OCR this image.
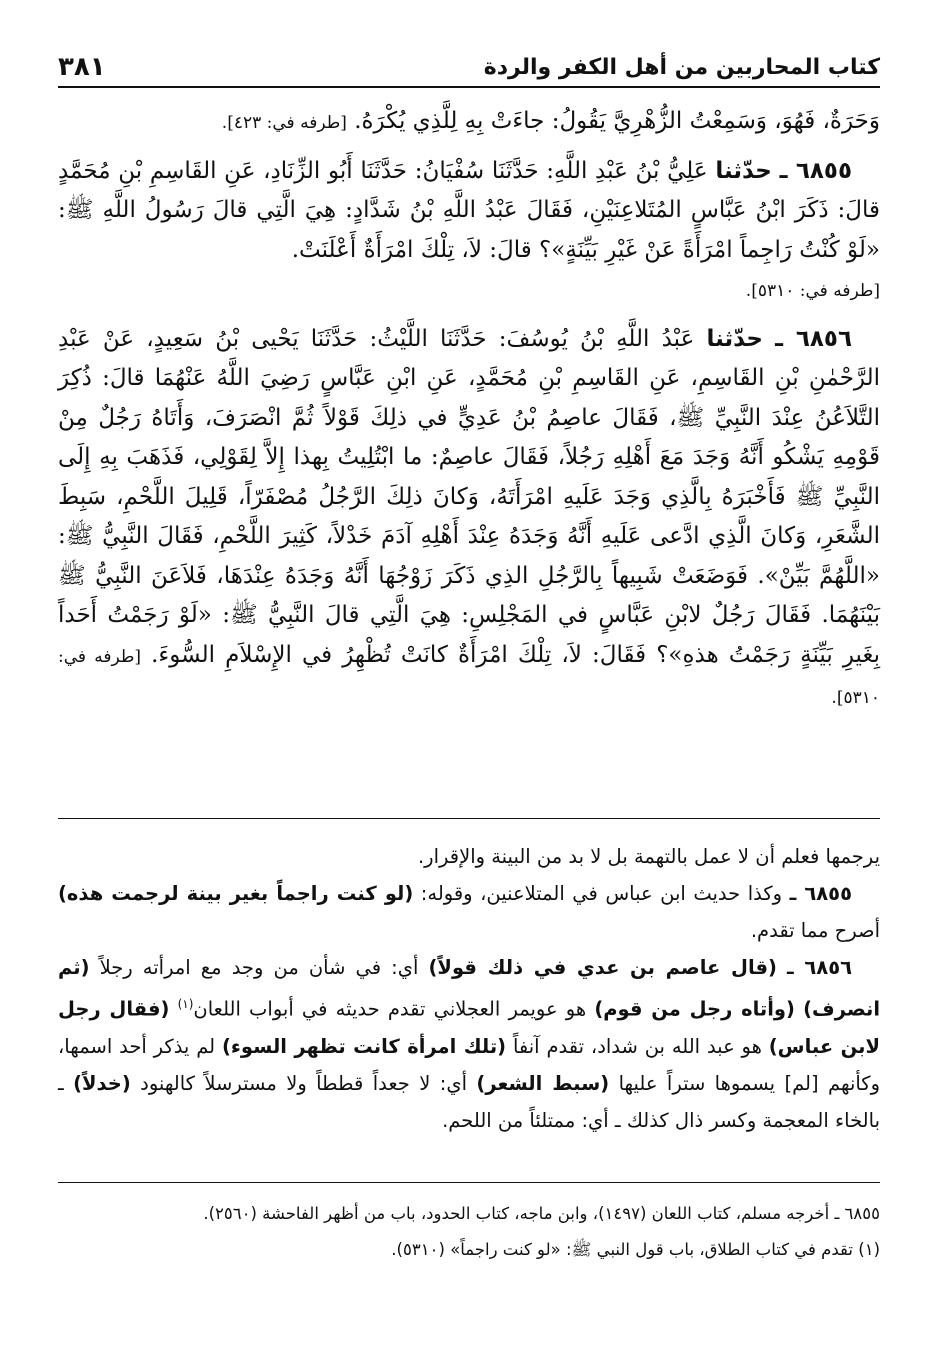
٣٨١	كتاب المحاربين من أهل الكفر والردة

وَحَرَةٌ، فَهُوَ، وَسَمِعْتُ الزُّهْرِيَّ يَقُولُ: جاءَتْ بِهِ لِلَّذِي يُكْرَهُ. [طرفه في: ٤٢٣].

٦٨٥٥ ـ حدّثنا عَلِيُّ بْنُ عَبْدِ اللَّهِ: حَدَّثَنَا سُفْيَانُ: حَدَّثَنَا أَبُو الزِّنَادِ، عَنِ القَاسِمِ بْنِ مُحَمَّدٍ قالَ: ذَكَرَ ابْنُ عَبَّاسٍ المُتَلاعِنَيْنِ، فَقَالَ عَبْدُ اللَّهِ بْنُ شَدَّادٍ: هِيَ الَّتِي قالَ رَسُولُ اللَّهِ ﷺ: «لَوْ كُنْتُ رَاجِماً امْرَأَةً عَنْ غَيْرِ بَيِّنَةٍ»؟ قالَ: لاَ، تِلْكَ امْرَأَةٌ أَعْلَنَتْ.
[طرفه في: ٥٣١٠].

٦٨٥٦ ـ حدّثنا عَبْدُ اللَّهِ بْنُ يُوسُفَ: حَدَّثَنَا اللَّيْثُ: حَدَّثَنَا يَحْيى بْنُ سَعِيدٍ، عَنْ عَبْدِ الرَّحْمٰنِ بْنِ القَاسِمِ، عَنِ القَاسِمِ بْنِ مُحَمَّدٍ، عَنِ ابْنِ عَبَّاسٍ رَضِيَ اللَّهُ عَنْهُمَا قالَ: ذُكِرَ التَّلاَعُنُ عِنْدَ النَّبِيِّ ﷺ، فَقَالَ عاصِمُ بْنُ عَدِيٍّ في ذلِكَ قَوْلاً ثُمَّ انْصَرَفَ، وَأَتَاهُ رَجُلٌ مِنْ قَوْمِهِ يَشْكُو أَنَّهُ وَجَدَ مَعَ أَهْلِهِ رَجُلاً، فَقَالَ عاصِمٌ: ما ابْتُلِيتُ بِهذا إِلاَّ لِقَوْلِي، فَذَهَبَ بِهِ إِلَى النَّبِيِّ ﷺ فَأَخْبَرَهُ بِالَّذِي وَجَدَ عَلَيهِ امْرَأَتَهُ، وَكانَ ذلِكَ الرَّجُلُ مُصْفَرّاً، قَلِيلَ اللَّحْمِ، سَبِطَ الشَّعَرِ، وَكانَ الَّذِي ادَّعى عَلَيهِ أَنَّهُ وَجَدَهُ عِنْدَ أَهْلِهِ آدَمَ خَدْلاً، كَثِيرَ اللَّحْمِ، فَقَالَ النَّبِيُّ ﷺ: «اللَّهُمَّ بَيِّنْ». فَوَضَعَتْ شَبِيهاً بِالرَّجُلِ الذِي ذَكَرَ زَوْجُهَا أَنَّهُ وَجَدَهُ عِنْدَهَا، فَلاَعَنَ النَّبِيُّ ﷺ بَيْنَهُمَا. فَقَالَ رَجُلٌ لابْنِ عَبَّاسٍ في المَجْلِسِ: هِيَ الَّتِي قالَ النَّبِيُّ ﷺ: «لَوْ رَجَمْتُ أَحَداً بِغَيرِ بَيِّنَةٍ رَجَمْتُ هذهِ»؟ فَقَالَ: لاَ، تِلْكَ امْرَأَةٌ كانَتْ تُظْهِرُ في الإِسْلاَمِ السُّوءَ. [طرفه في: ٥٣١٠].

يرجمها فعلم أن لا عمل بالتهمة بل لا بد من البينة والإقرار.

٦٨٥٥ ـ وكذا حديث ابن عباس في المتلاعنين، وقوله: (لو كنت راجماً بغير بينة لرجمت هذه) أصرح مما تقدم.

٦٨٥٦ ـ (قال عاصم بن عدي في ذلك قولاً) أي: في شأن من وجد مع امرأته رجلاً (ثم انصرف) (وأتاه رجل من قوم) هو عويمر العجلاني تقدم حديثه في أبواب اللعان$^{(١)}$ (فقال رجل لابن عباس) هو عبد الله بن شداد، تقدم آنفاً (تلك امرأة كانت تظهر السوء) لم يذكر أحد اسمها، وكأنهم [لم] يسموها ستراً عليها (سبط الشعر) أي: لا جعداً قططاً ولا مسترسلاً كالهنود (خدلاً) ـ بالخاء المعجمة وكسر ذال كذلك ـ أي: ممتلئاً من اللحم.

٦٨٥٥ ـ أخرجه مسلم، كتاب اللعان (١٤٩٧)، وابن ماجه، كتاب الحدود، باب من أظهر الفاحشة (٢٥٦٠).

(١) تقدم في كتاب الطلاق، باب قول النبي ﷺ: «لو كنت راجماً» (٥٣١٠).
